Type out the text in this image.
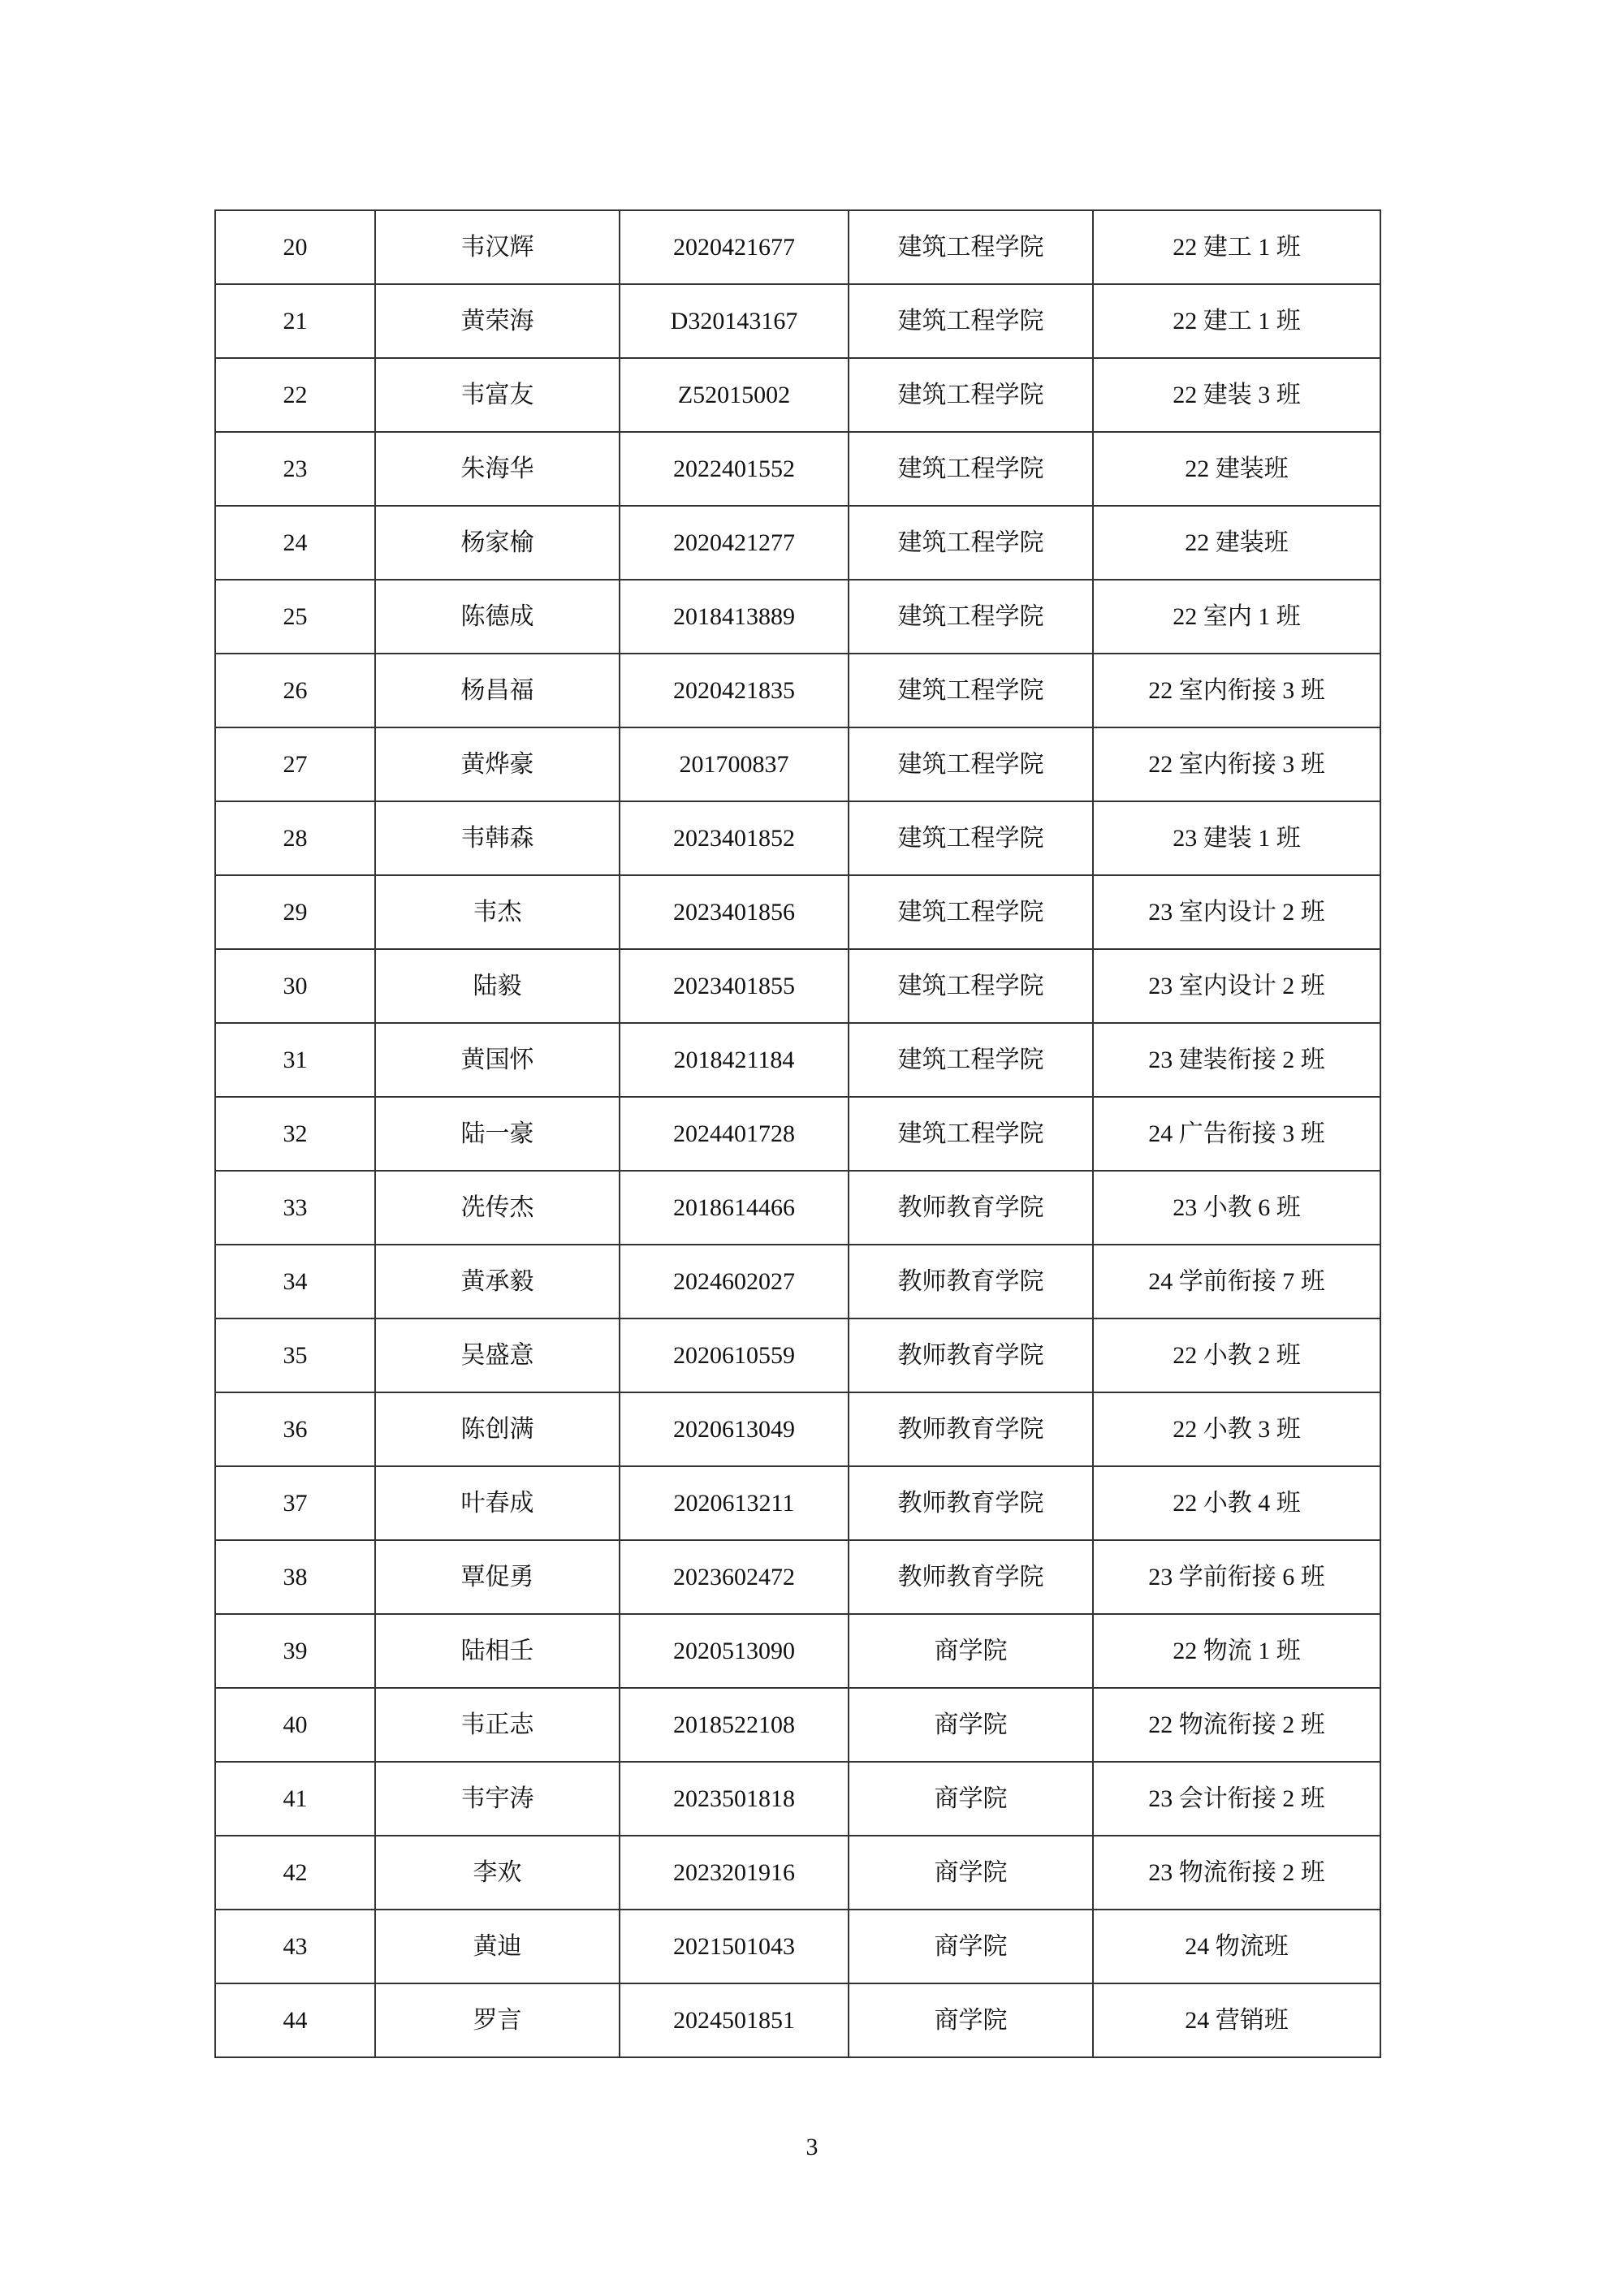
20	韦汉辉	2020421677	建筑工程学院	22 建工 1 班
21	黄荣海	D320143167	建筑工程学院	22 建工 1 班
22	韦富友	Z52015002	建筑工程学院	22 建装 3 班
23	朱海华	2022401552	建筑工程学院	22 建装班
24	杨家榆	2020421277	建筑工程学院	22 建装班
25	陈德成	2018413889	建筑工程学院	22 室内 1 班
26	杨昌福	2020421835	建筑工程学院	22 室内衔接 3 班
27	黄烨豪	201700837	建筑工程学院	22 室内衔接 3 班
28	韦韩森	2023401852	建筑工程学院	23 建装 1 班
29	韦杰	2023401856	建筑工程学院	23 室内设计 2 班
30	陆毅	2023401855	建筑工程学院	23 室内设计 2 班
31	黄国怀	2018421184	建筑工程学院	23 建装衔接 2 班
32	陆一豪	2024401728	建筑工程学院	24 广告衔接 3 班
33	冼传杰	2018614466	教师教育学院	23 小教 6 班
34	黄承毅	2024602027	教师教育学院	24 学前衔接 7 班
35	吴盛意	2020610559	教师教育学院	22 小教 2 班
36	陈创满	2020613049	教师教育学院	22 小教 3 班
37	叶春成	2020613211	教师教育学院	22 小教 4 班
38	覃促勇	2023602472	教师教育学院	23 学前衔接 6 班
39	陆相壬	2020513090	商学院	22 物流 1 班
40	韦正志	2018522108	商学院	22 物流衔接 2 班
41	韦宇涛	2023501818	商学院	23 会计衔接 2 班
42	李欢	2023201916	商学院	23 物流衔接 2 班
43	黄迪	2021501043	商学院	24 物流班
44	罗言	2024501851	商学院	24 营销班
3
